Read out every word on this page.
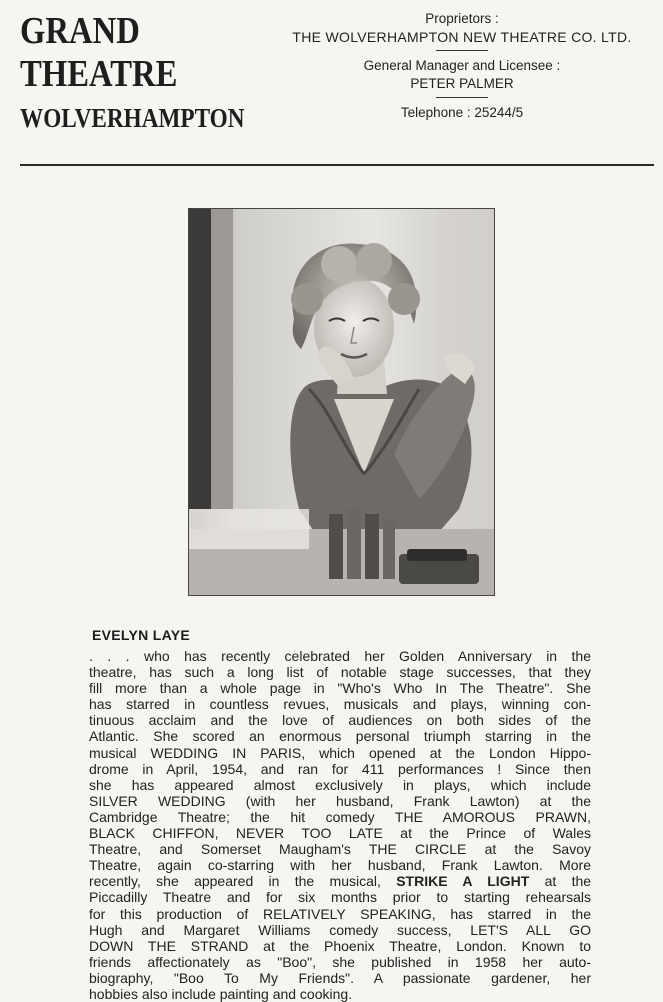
GRAND
THEATRE
WOLVERHAMPTON
Proprietors :
THE WOLVERHAMPTON NEW THEATRE CO. LTD.
General Manager and Licensee :
PETER PALMER
Telephone : 25244/5
EVELYN LAYE
. . . who has recently celebrated her Golden Anniversary in the
theatre, has such a long list of notable stage successes, that they
fill more than a whole page in "Who's Who In The Theatre". She
has starred in countless revues, musicals and plays, winning con-
tinuous acclaim and the love of audiences on both sides of the
Atlantic. She scored an enormous personal triumph starring in the
musical WEDDING IN PARIS, which opened at the London Hippo-
drome in April, 1954, and ran for 411 performances ! Since then
she has appeared almost exclusively in plays, which include
SILVER WEDDING (with her husband, Frank Lawton) at the
Cambridge Theatre; the hit comedy THE AMOROUS PRAWN,
BLACK CHIFFON, NEVER TOO LATE at the Prince of Wales
Theatre, and Somerset Maugham's THE CIRCLE at the Savoy
Theatre, again co-starring with her husband, Frank Lawton. More
recently, she appeared in the musical, STRIKE A LIGHT at the
Piccadilly Theatre and for six months prior to starting rehearsals
for this production of RELATIVELY SPEAKING, has starred in the
Hugh and Margaret Williams comedy success, LET'S ALL GO
DOWN THE STRAND at the Phoenix Theatre, London. Known to
friends affectionately as "Boo", she published in 1958 her auto-
biography, "Boo To My Friends". A passionate gardener, her
hobbies also include painting and cooking.
